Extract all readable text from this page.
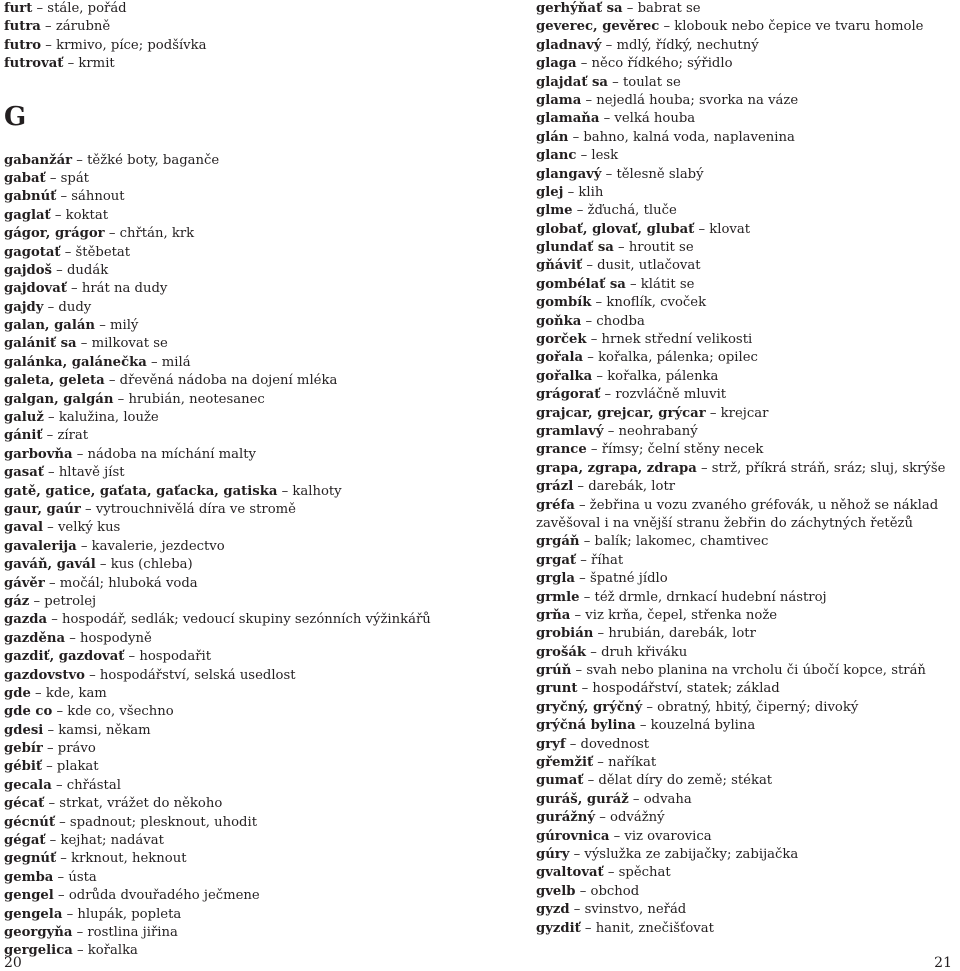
furt – stále, pořád
futra – zárubně
futro – krmivo, píce; podšívka
futrovať – krmit
G
gabanžár – těžké boty, baganče
gabať – spát
gabnúť – sáhnout
gaglať – koktat
gágor, grágor – chřtán, krk
gagotať – štěbetat
gajdoš – dudák
gajdovať – hrát na dudy
gajdy – dudy
galan, galán – milý
galániť sa – milkovat se
galánka, galánečka – milá
galeta, geleta – dřevěná nádoba na dojení mléka
galgan, galgán – hrubián, neotesanec
galuž – kalužina, louže
gániť – zírat
garbovňa – nádoba na míchání malty
gasať – hltavě jíst
gatě, gatice, gaťata, gaťacka, gatiska – kalhoty
gaur, gaúr – vytrouchnivělá díra ve stromě
gaval – velký kus
gavalerija – kavalerie, jezdectvo
gaváň, gavál – kus (chleba)
gávěr – močál; hluboká voda
gáz – petrolej
gazda – hospodář, sedlák; vedoucí skupiny sezónních výžinkářů
gazděna – hospodyně
gazdiť, gazdovať – hospodařit
gazdovstvo – hospodářství, selská usedlost
gde – kde, kam
gde co – kde co, všechno
gdesi – kamsi, někam
gebír – právo
gébiť – plakat
gecala – chřástal
gécať – strkat, vrážet do někoho
gécnúť – spadnout; plesknout, uhodit
gégať – kejhat; nadávat
gegnúť – krknout, heknout
gemba – ústa
gengel – odrůda dvouřadého ječmene
gengela – hlupák, popleta
georgyňa – rostlina jiřina
gergelica – kořalka
gerhýňať sa – babrat se
geverec, gevěrec – klobouk nebo čepice ve tvaru homole
gladnavý – mdlý, řídký, nechutný
glaga – něco řídkého; sýřidlo
glajdať sa – toulat se
glama – nejedlá houba; svorka na váze
glamaňa – velká houba
glán – bahno, kalná voda, naplavenina
glanc – lesk
glangavý – tělesně slabý
glej – klih
glme – žďuchá, tluče
globať, glovať, glubať – klovat
glundať sa – hroutit se
gňáviť – dusit, utlačovat
gombélať sa – klátit se
gombík – knoflík, cvoček
goňka – chodba
gorček – hrnek střední velikosti
gořala – kořalka, pálenka; opilec
gořalka – kořalka, pálenka
grágorať – rozvláčně mluvit
grajcar, grejcar, grýcar – krejcar
gramlavý – neohrabaný
grance – římsy; čelní stěny necek
grapa, zgrapa, zdrapa – strž, příkrá stráň, sráz; sluj, skrýše
grázl – darebák, lotr
gréfa – žebřina u vozu zvaného gréfovák, u něhož se náklad
zavěšoval i na vnější stranu žebřin do záchytných řetězů
grgáň – balík; lakomec, chamtivec
grgať – říhat
grgla – špatné jídlo
grmle – též drmle, drnkací hudební nástroj
grňa – viz krňa, čepel, střenka nože
grobián – hrubián, darebák, lotr
grošák – druh křiváku
grúň – svah nebo planina na vrcholu či úbočí kopce, stráň
grunt – hospodářství, statek; základ
gryčný, grýčný – obratný, hbitý, čiperný; divoký
grýčná bylina – kouzelná bylina
gryf – dovednost
gřemžiť – naříkat
gumať – dělat díry do země; stékat
guráš, guráž – odvaha
gurážný – odvážný
gúrovnica – viz ovarovica
gúry – výslužka ze zabijačky; zabijačka
gvaltovať – spěchat
gvelb – obchod
gyzd – svinstvo, neřád
gyzdiť – hanit, znečišťovat
20	21
